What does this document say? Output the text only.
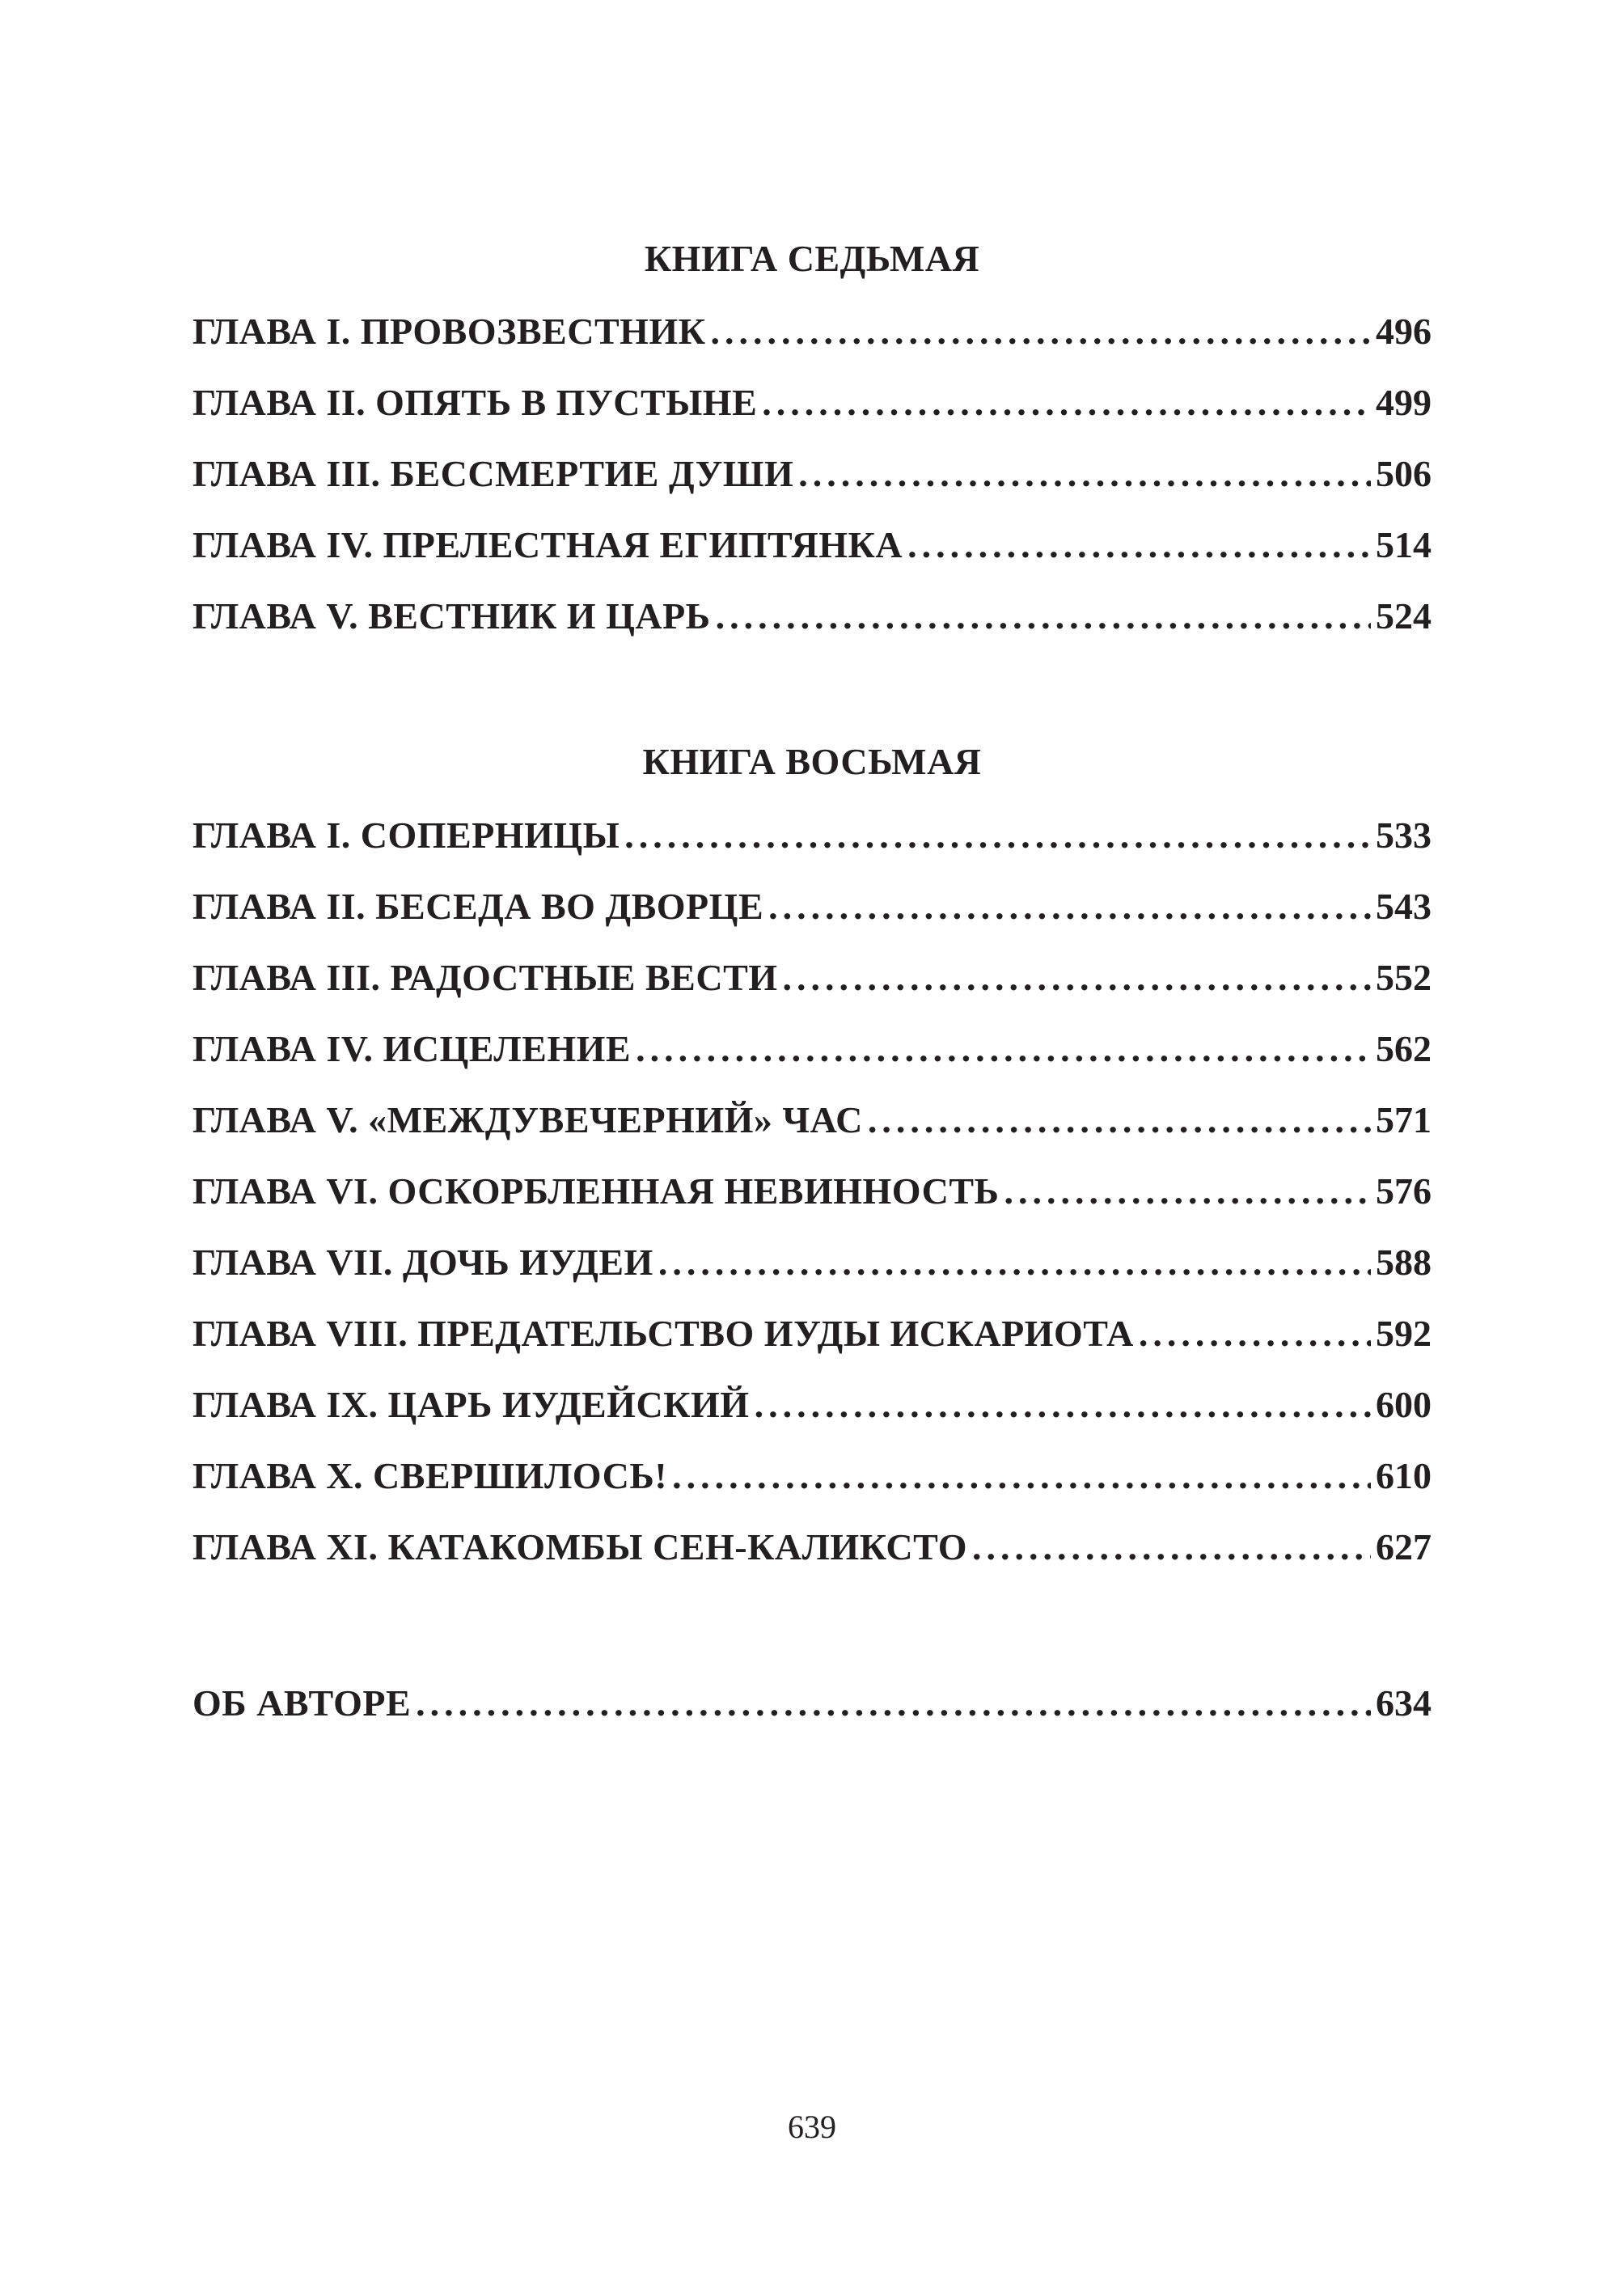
КНИГА СЕДЬМАЯ
ГЛАВА I. ПРОВОЗВЕСТНИК .....	496
ГЛАВА II. ОПЯТЬ В ПУСТЫНЕ .....	499
ГЛАВА III. БЕССМЕРТИЕ ДУШИ .....	506
ГЛАВА IV. ПРЕЛЕСТНАЯ ЕГИПТЯНКА .....	514
ГЛАВА V. ВЕСТНИК И ЦАРЬ .....	524
КНИГА ВОСЬМАЯ
ГЛАВА I. СОПЕРНИЦЫ .....	533
ГЛАВА II. БЕСЕДА ВО ДВОРЦЕ .....	543
ГЛАВА III. РАДОСТНЫЕ ВЕСТИ .....	552
ГЛАВА IV. ИСЦЕЛЕНИЕ .....	562
ГЛАВА V. «МЕЖДУВЕЧЕРНИЙ» ЧАС .....	571
ГЛАВА VI. ОСКОРБЛЕННАЯ НЕВИННОСТЬ .....	576
ГЛАВА VII. ДОЧЬ ИУДЕИ .....	588
ГЛАВА VIII. ПРЕДАТЕЛЬСТВО ИУДЫ ИСКАРИОТА .....	592
ГЛАВА IX. ЦАРЬ ИУДЕЙСКИЙ .....	600
ГЛАВА X. СВЕРШИЛОСЬ! .....	610
ГЛАВА XI. КАТАКОМБЫ СЕН-КАЛИКСТО .....	627
ОБ АВТОРЕ .....	634
639
